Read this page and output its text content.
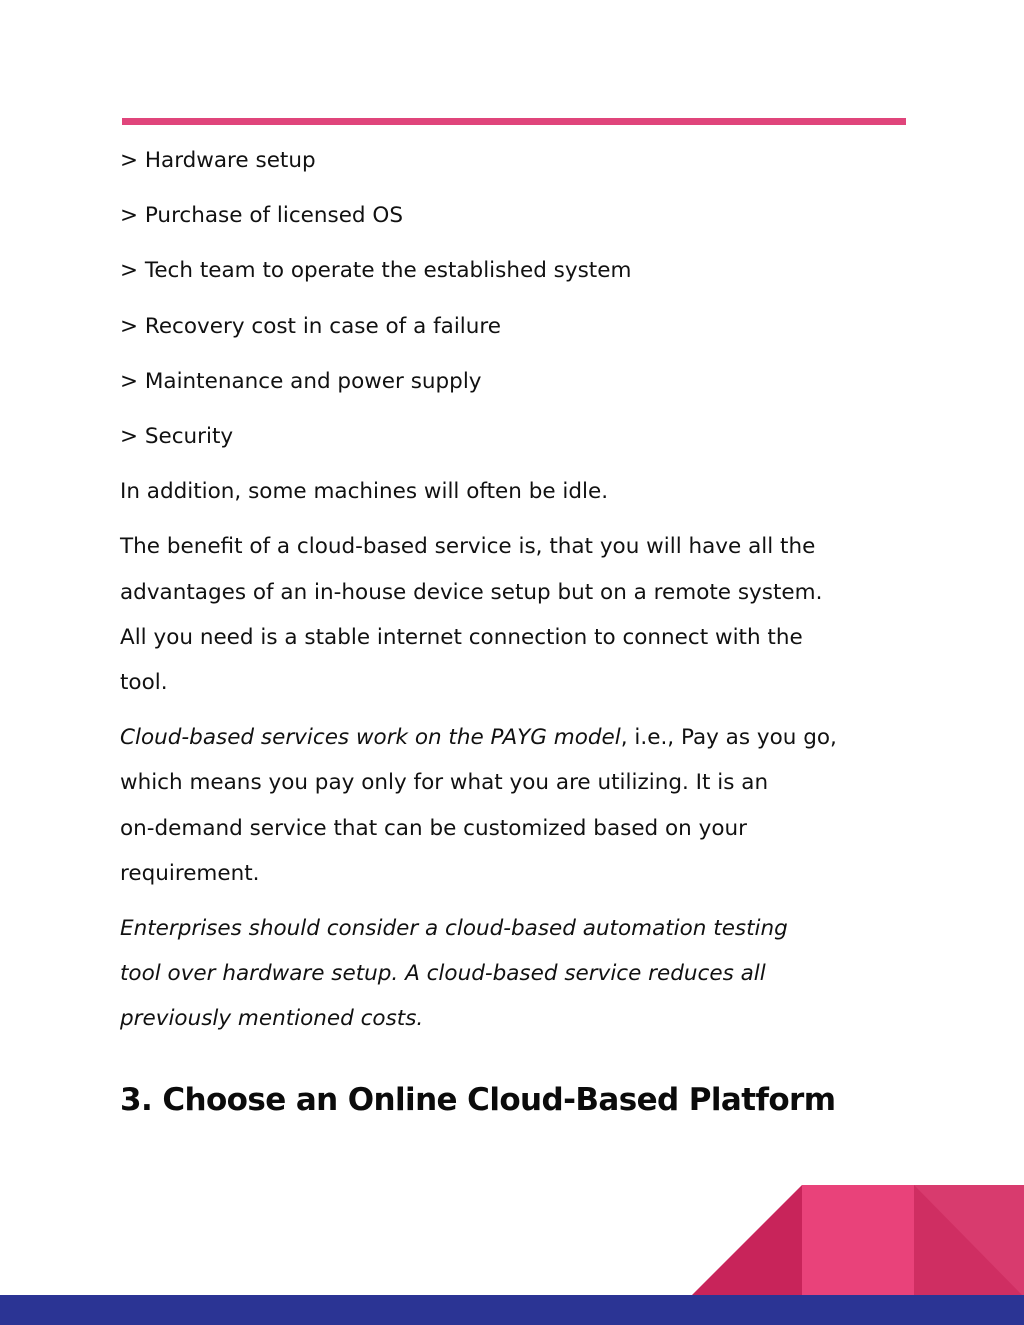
> Hardware setup
> Purchase of licensed OS
> Tech team to operate the established system
> Recovery cost in case of a failure
> Maintenance and power supply
> Security
In addition, some machines will often be idle.
The benefit of a cloud-based service is, that you will have all the
advantages of an in-house device setup but on a remote system.
All you need is a stable internet connection to connect with the
tool.
Cloud-based services work on the PAYG model, i.e., Pay as you go,
which means you pay only for what you are utilizing. It is an
on-demand service that can be customized based on your
requirement.
Enterprises should consider a cloud-based automation testing
tool over hardware setup. A cloud-based service reduces all
previously mentioned costs.
3. Choose an Online Cloud-Based Platform
